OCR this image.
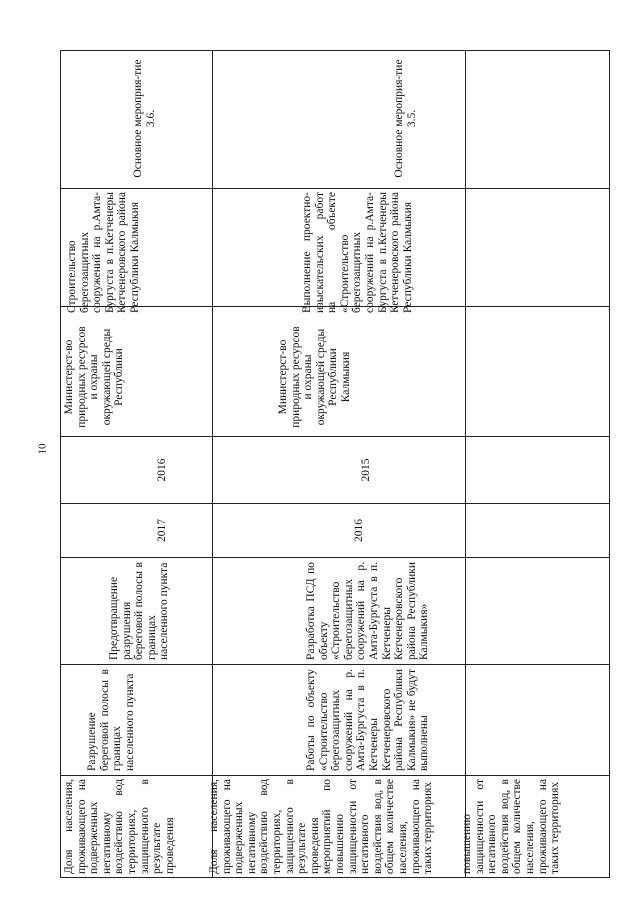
10
повышению защищенности от негативного воздействия вод, в общем количестве населения, проживающего на таких территориях
Доля населения, проживающего на подверженных негативному воздействию вод территориях, защищенного в результате проведения мероприятий по повышению защищенности от негативного воздействия вод, в общем количестве населения, проживающего на таких территориях
Работы по объекту «Строительство берегозащитных сооружений на р. Амта-Бургуста в п. Кетченеры Кетченеровского района Республики Калмыкия» не будут выполнены
Разработка ПСД по объекту «Строительство берегозащитных сооружений на р. Амта-Бургуста в п. Кетченеры Кетченеровского района Республики Калмыкия»
2016
2015
Министерст-во природных ресурсов и охраны окружающей среды Республики Калмыкия
Выполнение проектно-изыскательских работ на объекте «Строительство берегозащитных сооружений на р.Амта-Бургуста в п.Кетченеры Кетченеровского района Республики Калмыкия
Основное мероприя-тие 3.5.
Доля населения, проживающего на подверженных негативному воздействию вод территориях, защищенного в результате проведения
Разрушение береговой полосы в границах населенного пункта
Предотвращение разрушения береговой полосы в границах населенного пункта
2017
2016
Министерст-во природных ресурсов и охраны окружающей среды Республики
Строительство берегозащитных сооружений на р.Амта-Бургуста в п.Кетченеры Кетченеровского района Республики Калмыкия
Основное мероприя-тие 3.6.
